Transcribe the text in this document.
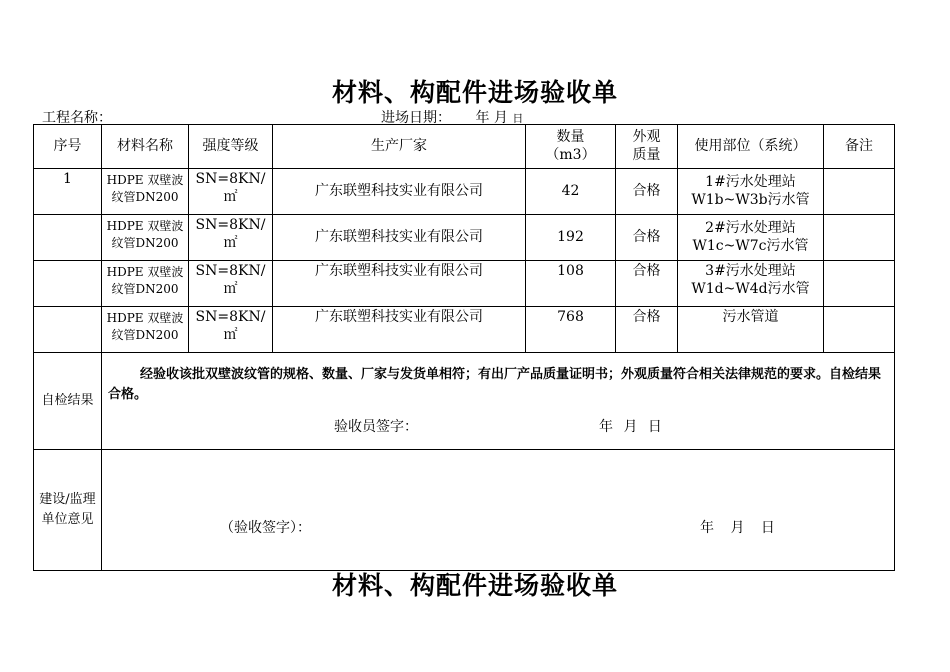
材料、构配件进场验收单
工程名称：	进场日期： 年 月 日
序号	材料名称	强度等级	生产厂家	数量（m3）	外观质量	使用部位（系统）	备注
1	HDPE 双壁波纹管DN200	SN=8KN/㎡	广东联塑科技实业有限公司	42	合格	1#污水处理站 W1b~W3b污水管	

	HDPE 双壁波纹管DN200	SN=8KN/㎡	广东联塑科技实业有限公司	192	合格	2#污水处理站 W1c~W7c污水管	

	HDPE 双壁波纹管DN200	SN=8KN/㎡	广东联塑科技实业有限公司	108	合格	3#污水处理站 W1d~W4d污水管	

	HDPE 双壁波纹管DN200	SN=8KN/㎡	广东联塑科技实业有限公司	768	合格	污水管道	
自检结果	经验收该批双壁波纹管的规格、数量、厂家与发货单相符；有出厂产品质量证明书；外观质量符合相关法律规范的要求。自检结果合格。
验收员签字： 年 月 日						

建设/监理单位意见	（验收签字）： 年 月 日						
材料、构配件进场验收单
